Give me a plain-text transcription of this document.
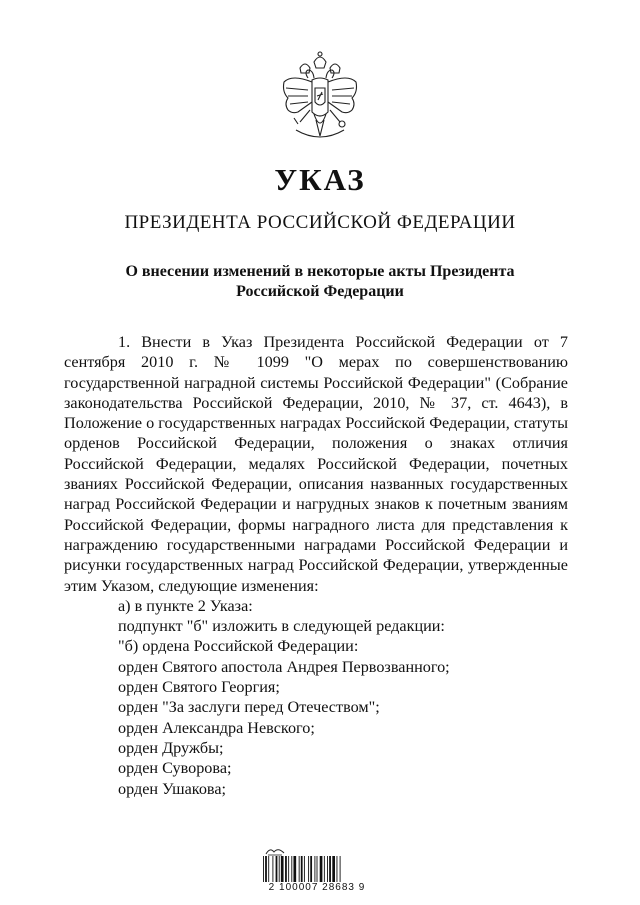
УКАЗ
ПРЕЗИДЕНТА РОССИЙСКОЙ ФЕДЕРАЦИИ
О внесении изменений в некоторые акты Президента
Российской Федерации

1. Внести в Указ Президента Российской Федерации от 7 сентября 2010 г. № 1099 "О мерах по совершенствованию государственной наградной системы Российской Федерации" (Собрание законодательства Российской Федерации, 2010, № 37, ст. 4643), в Положение о государственных наградах Российской Федерации, статуты орденов Российской Федерации, положения о знаках отличия Российской Федерации, медалях Российской Федерации, почетных званиях Российской Федерации, описания названных государственных наград Российской Федерации и нагрудных знаков к почетным званиям Российской Федерации, формы наградного листа для представления к награждению государственными наградами Российской Федерации и рисунки государственных наград Российской Федерации, утвержденные этим Указом, следующие изменения:

а) в пункте 2 Указа:

подпункт "б" изложить в следующей редакции:

"б) ордена Российской Федерации:

орден Святого апостола Андрея Первозванного;

орден Святого Георгия;

орден "За заслуги перед Отечеством";

орден Александра Невского;

орден Дружбы;

орден Суворова;

орден Ушакова;

2 100007 28683 9
